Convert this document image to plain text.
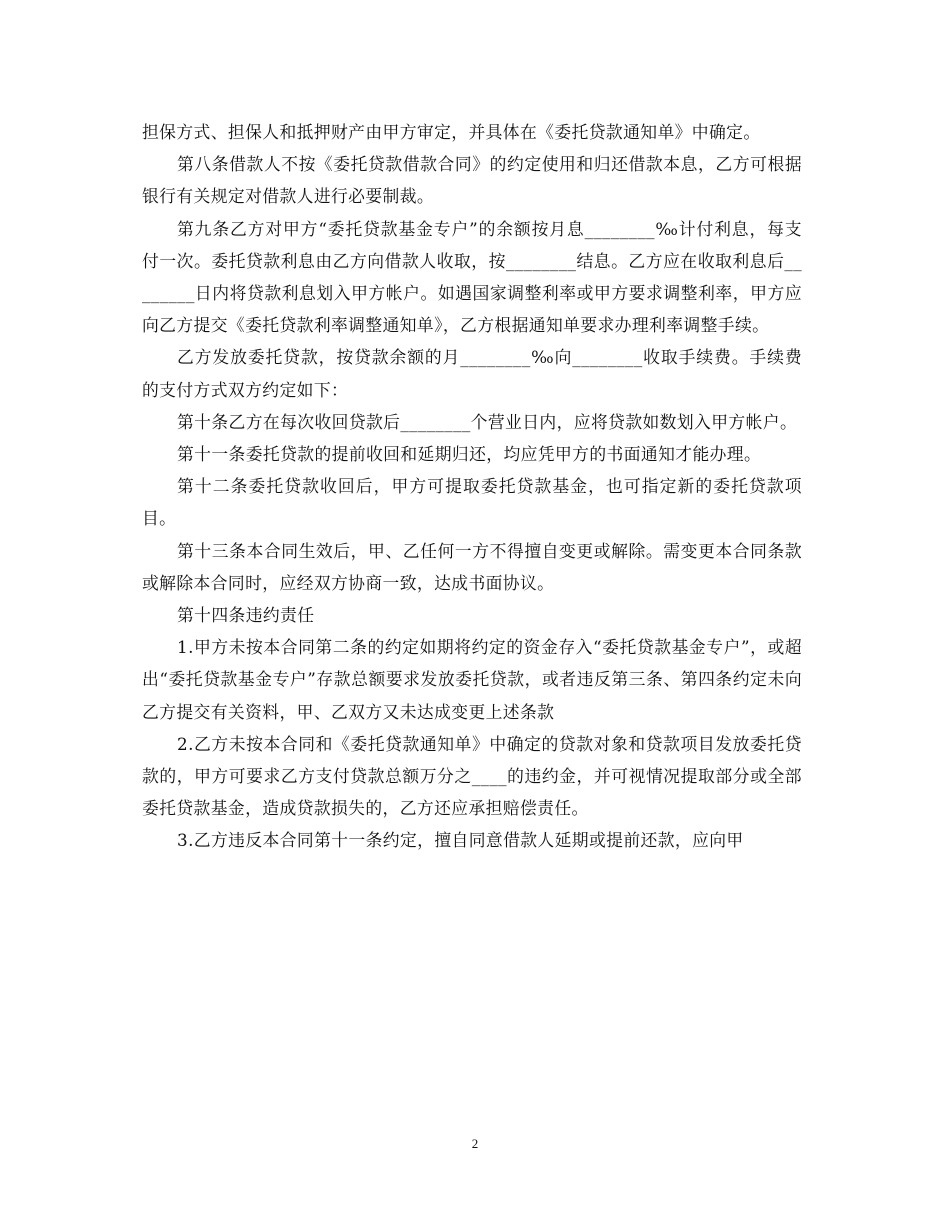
担保方式、担保人和抵押财产由甲方审定，并具体在《委托贷款通知单》中确定。

第八条借款人不按《委托贷款借款合同》的约定使用和归还借款本息，乙方可根据银行有关规定对借款人进行必要制裁。

第九条乙方对甲方“委托贷款基金专户”的余额按月息________‰计付利息，每支付一次。委托贷款利息由乙方向借款人收取，按________结息。乙方应在收取利息后________日内将贷款利息划入甲方帐户。如遇国家调整利率或甲方要求调整利率，甲方应向乙方提交《委托贷款利率调整通知单》，乙方根据通知单要求办理利率调整手续。

乙方发放委托贷款，按贷款余额的月________‰向________收取手续费。手续费的支付方式双方约定如下：

第十条乙方在每次收回贷款后________个营业日内，应将贷款如数划入甲方帐户。

第十一条委托贷款的提前收回和延期归还，均应凭甲方的书面通知才能办理。

第十二条委托贷款收回后，甲方可提取委托贷款基金，也可指定新的委托贷款项目。

第十三条本合同生效后，甲、乙任何一方不得擅自变更或解除。需变更本合同条款或解除本合同时，应经双方协商一致，达成书面协议。

第十四条违约责任

1.甲方未按本合同第二条的约定如期将约定的资金存入“委托贷款基金专户”，或超出“委托贷款基金专户”存款总额要求发放委托贷款，或者违反第三条、第四条约定未向乙方提交有关资料，甲、乙双方又未达成变更上述条款

2.乙方未按本合同和《委托贷款通知单》中确定的贷款对象和贷款项目发放委托贷款的，甲方可要求乙方支付贷款总额万分之____的违约金，并可视情况提取部分或全部委托贷款基金，造成贷款损失的，乙方还应承担赔偿责任。

3.乙方违反本合同第十一条约定，擅自同意借款人延期或提前还款，应向甲

2
